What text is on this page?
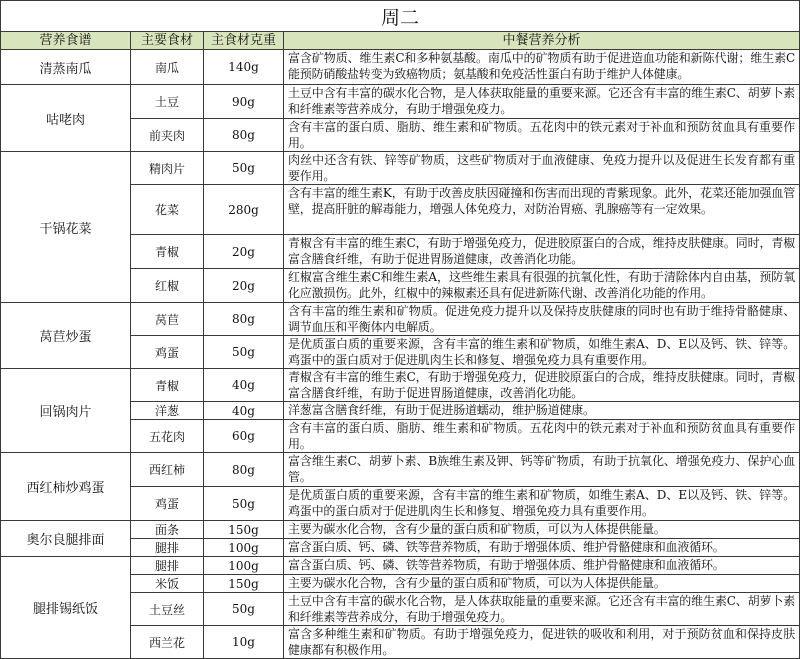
周二			
营养食谱	主要食材	主食材克重	中餐营养分析
清蒸南瓜	南瓜	140g	富含矿物质、维生素C和多种氨基酸。南瓜中的矿物质有助于促进造血功能和新陈代谢；维生素C能预防硝酸盐转变为致癌物质；氨基酸和免疫活性蛋白有助于维护人体健康。
咕咾肉	土豆	90g	土豆中含有丰富的碳水化合物，是人体获取能量的重要来源。它还含有丰富的维生素C、胡萝卜素和纤维素等营养成分，有助于增强免疫力。
	前夹肉	80g	含有丰富的蛋白质、脂肪、维生素和矿物质。五花肉中的铁元素对于补血和预防贫血具有重要作用。
干锅花菜	精肉片	50g	肉丝中还含有铁、锌等矿物质，这些矿物质对于血液健康、免疫力提升以及促进生长发育都有重要作用。
	花菜	280g	含有丰富的维生素K，有助于改善皮肤因碰撞和伤害而出现的青紫现象。此外，花菜还能加强血管壁，提高肝脏的解毒能力，增强人体免疫力，对防治胃癌、乳腺癌等有一定效果。
	青椒	20g	青椒含有丰富的维生素C，有助于增强免疫力，促进胶原蛋白的合成，维持皮肤健康。同时，青椒富含膳食纤维，有助于促进胃肠道健康，改善消化功能。
	红椒	20g	红椒富含维生素C和维生素A，这些维生素具有很强的抗氧化性，有助于清除体内自由基，预防氧化应激损伤。此外，红椒中的辣椒素还具有促进新陈代谢、改善消化功能的作用。
莴苣炒蛋	莴苣	80g	含有丰富的维生素和矿物质。促进免疫力提升以及保持皮肤健康的同时也有助于维持骨骼健康、调节血压和平衡体内电解质。
	鸡蛋	50g	是优质蛋白质的重要来源，含有丰富的维生素和矿物质，如维生素A、D、E以及钙、铁、锌等。鸡蛋中的蛋白质对于促进肌肉生长和修复、增强免疫力具有重要作用。
回锅肉片	青椒	40g	青椒含有丰富的维生素C，有助于增强免疫力，促进胶原蛋白的合成，维持皮肤健康。同时，青椒富含膳食纤维，有助于促进胃肠道健康，改善消化功能。
	洋葱	40g	洋葱富含膳食纤维，有助于促进肠道蠕动，维护肠道健康。
	五花肉	60g	含有丰富的蛋白质、脂肪、维生素和矿物质。五花肉中的铁元素对于补血和预防贫血具有重要作用。
西红柿炒鸡蛋	西红柿	80g	富含维生素C、胡萝卜素、B族维生素及钾、钙等矿物质，有助于抗氧化、增强免疫力、保护心血管。
	鸡蛋	50g	是优质蛋白质的重要来源，含有丰富的维生素和矿物质，如维生素A、D、E以及钙、铁、锌等。鸡蛋中的蛋白质对于促进肌肉生长和修复、增强免疫力具有重要作用。
奥尔良腿排面	面条	150g	主要为碳水化合物，含有少量的蛋白质和矿物质，可以为人体提供能量。
	腿排	100g	富含蛋白质、钙、磷、铁等营养物质，有助于增强体质、维护骨骼健康和血液循环。
腿排锡纸饭	腿排	100g	富含蛋白质、钙、磷、铁等营养物质，有助于增强体质、维护骨骼健康和血液循环。
	米饭	150g	主要为碳水化合物，含有少量的蛋白质和矿物质，可以为人体提供能量。
	土豆丝	50g	土豆中含有丰富的碳水化合物，是人体获取能量的重要来源。它还含有丰富的维生素C、胡萝卜素和纤维素等营养成分，有助于增强免疫力。
	西兰花	10g	富含多种维生素和矿物质。有助于增强免疫力，促进铁的吸收和利用，对于预防贫血和保持皮肤健康都有积极作用。
